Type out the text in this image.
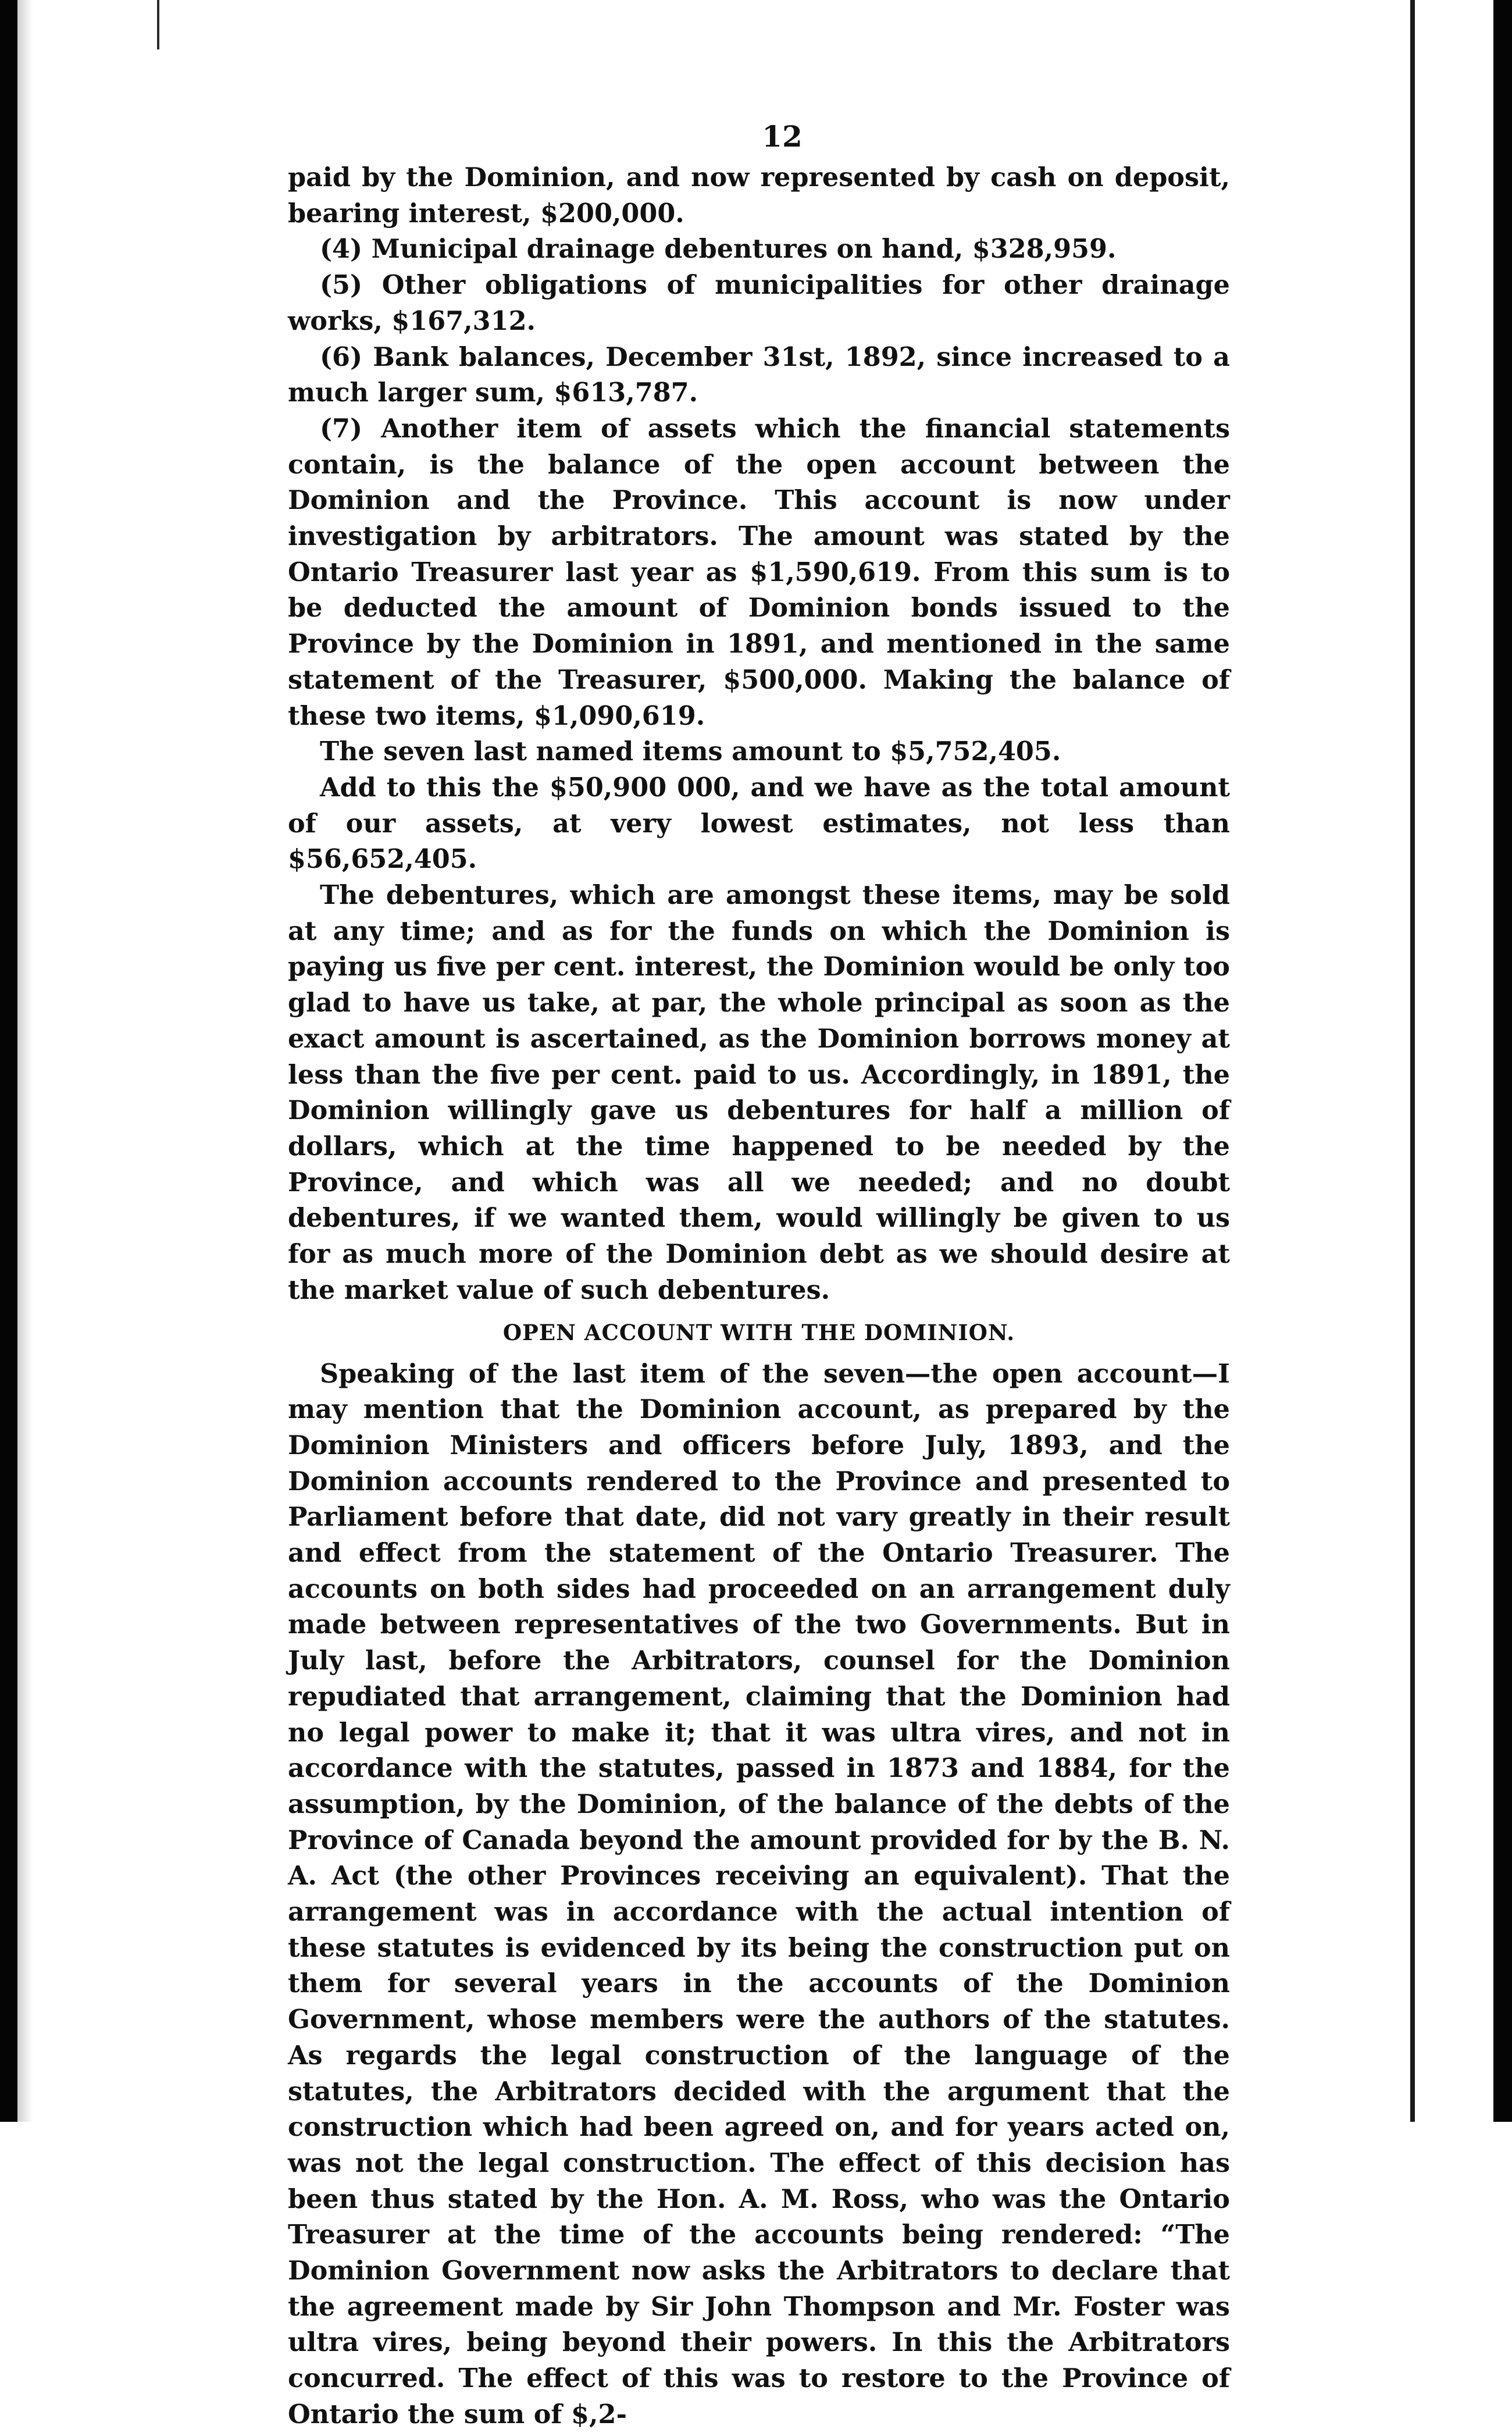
12

paid by the Dominion, and now represented by cash on deposit, bearing interest, $200,000.

(4) Municipal drainage debentures on hand, $328,959.

(5) Other obligations of municipalities for other drainage works, $167,312.

(6) Bank balances, December 31st, 1892, since increased to a much larger sum, $613,787.

(7) Another item of assets which the financial statements contain, is the balance of the open account between the Dominion and the Province. This account is now under investigation by arbitrators. The amount was stated by the Ontario Treasurer last year as $1,590,619. From this sum is to be deducted the amount of Dominion bonds issued to the Province by the Dominion in 1891, and mentioned in the same statement of the Treasurer, $500,000. Making the balance of these two items, $1,090,619.

The seven last named items amount to $5,752,405.

Add to this the $50,900 000, and we have as the total amount of our assets, at very lowest estimates, not less than $56,652,405.

The debentures, which are amongst these items, may be sold at any time; and as for the funds on which the Dominion is paying us five per cent. interest, the Dominion would be only too glad to have us take, at par, the whole principal as soon as the exact amount is ascertained, as the Dominion borrows money at less than the five per cent. paid to us. Accordingly, in 1891, the Dominion willingly gave us debentures for half a million of dollars, which at the time happened to be needed by the Province, and which was all we needed; and no doubt debentures, if we wanted them, would willingly be given to us for as much more of the Dominion debt as we should desire at the market value of such debentures.

OPEN ACCOUNT WITH THE DOMINION.

Speaking of the last item of the seven—the open account—I may mention that the Dominion account, as prepared by the Dominion Ministers and officers before July, 1893, and the Dominion accounts rendered to the Province and presented to Parliament before that date, did not vary greatly in their result and effect from the statement of the Ontario Treasurer. The accounts on both sides had proceeded on an arrangement duly made between representatives of the two Governments. But in July last, before the Arbitrators, counsel for the Dominion repudiated that arrangement, claiming that the Dominion had no legal power to make it; that it was ultra vires, and not in accordance with the statutes, passed in 1873 and 1884, for the assumption, by the Dominion, of the balance of the debts of the Province of Canada beyond the amount provided for by the B. N. A. Act (the other Provinces receiving an equivalent). That the arrangement was in accordance with the actual intention of these statutes is evidenced by its being the construction put on them for several years in the accounts of the Dominion Government, whose members were the authors of the statutes. As regards the legal construction of the language of the statutes, the Arbitrators decided with the argument that the construction which had been agreed on, and for years acted on, was not the legal construction. The effect of this decision has been thus stated by the Hon. A. M. Ross, who was the Ontario Treasurer at the time of the accounts being rendered: “The Dominion Government now asks the Arbitrators to declare that the agreement made by Sir John Thompson and Mr. Foster was ultra vires, being beyond their powers. In this the Arbitrators concurred. The effect of this was to restore to the Province of Ontario the sum of $,2-
